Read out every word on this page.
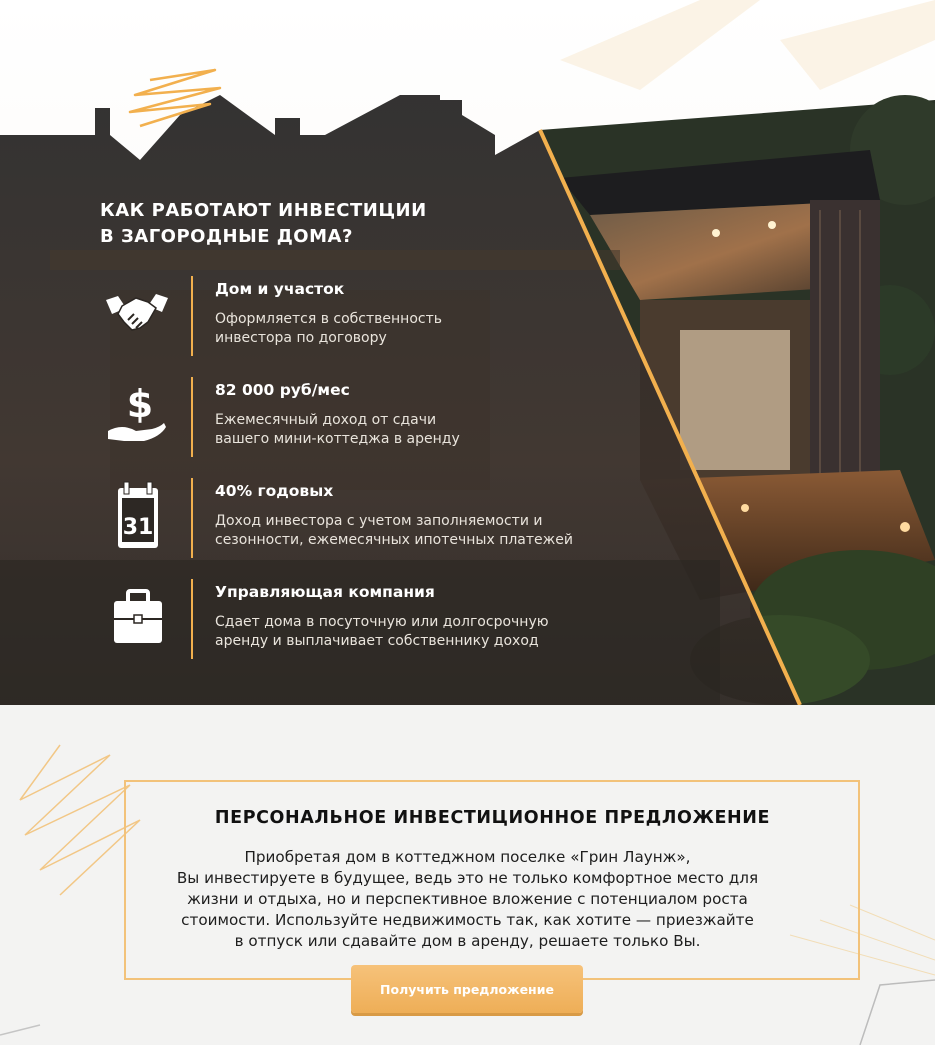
КАК РАБОТАЮТ ИНВЕСТИЦИИ
В ЗАГОРОДНЫЕ ДОМА?
Дом и участок
Оформляется в собственность
инвестора по договору
$	82 000 руб/мес
Ежемесячный доход от сдачи
вашего мини-коттеджа в аренду
31
40% годовых
Доход инвестора с учетом заполняемости и
сезонности, ежемесячных ипотечных платежей
Управляющая компания
Сдает дома в посуточную или долгосрочную
аренду и выплачивает собственнику доход
ПЕРСОНАЛЬНОЕ ИНВЕСТИЦИОННОЕ ПРЕДЛОЖЕНИЕ
Приобретая дом в коттеджном поселке «Грин Лаунж»,
Вы инвестируете в будущее, ведь это не только комфортное место для
жизни и отдыха, но и перспективное вложение с потенциалом роста
стоимости. Используйте недвижимость так, как хотите — приезжайте
в отпуск или сдавайте дом в аренду, решаете только Вы.
Получить предложение
